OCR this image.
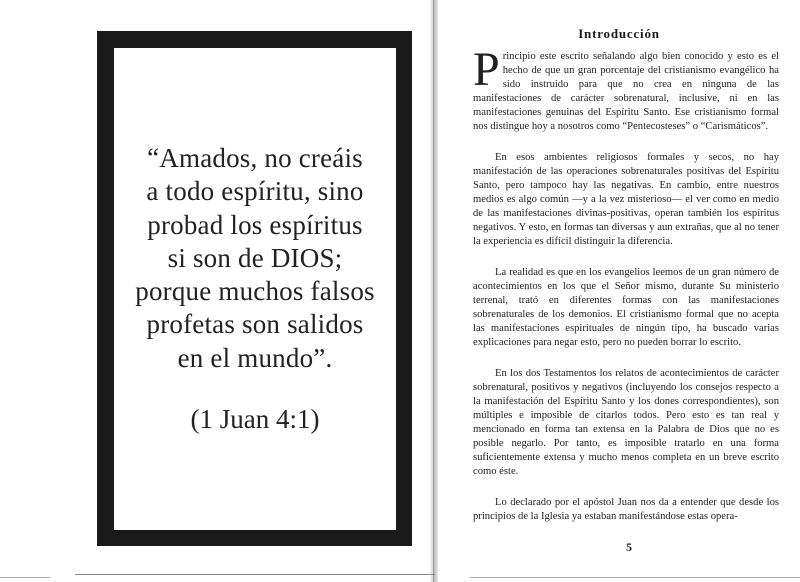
Introducción
“Amados, no creáis
a todo espíritu, sino
probad los espíritus
si son de DIOS;
porque muchos falsos
profetas son salidos
en el mundo”.
(1 Juan 4:1)

Principio este escrito señalando algo bien conocido y esto es el hecho de que un gran porcentaje del cristianismo evangélico ha sido instruido para que no crea en ninguna de las manifestaciones de carácter sobrenatural, inclusive, ni en las manifestaciones genuinas del Espíritu Santo. Ese cristianismo formal nos distingue hoy a nosotros como “Pentecosteses” o “Carismáticos”.

En esos ambientes religiosos formales y secos, no hay manifestación de las operaciones sobrenaturales positivas del Espíritu Santo, pero tampoco hay las negativas. En cambio, entre nuestros medios es algo común —y a la vez misterioso— el ver como en medio de las manifestaciones divinas-positivas, operan también los espíritus negativos. Y esto, en formas tan diversas y aun extrañas, que al no tener la experiencia es difícil distinguir la diferencia.

La realidad es que en los evangelios leemos de un gran número de acontecimientos en los que el Señor mismo, durante Su ministerio terrenal, trató en diferentes formas con las manifestaciones sobrenaturales de los demonios. El cristianismo formal que no acepta las manifestaciones espirituales de ningún tipo, ha buscado varias explicaciones para negar esto, pero no pueden borrar lo escrito.

En los dos Testamentos los relatos de acontecimientos de carácter sobrenatural, positivos y negativos (incluyendo los consejos respecto a la manifestación del Espíritu Santo y los dones correspondientes), son múltiples e imposible de citarlos todos. Pero esto es tan real y mencionado en forma tan extensa en la Palabra de Dios que no es posible negarlo. Por tanto, es imposible tratarlo en una forma suficientemente extensa y mucho menos completa en un breve escrito como éste.

Lo declarado por el apóstol Juan nos da a entender que desde los principios de la Iglesia ya estaban manifestándose estas opera-

5
